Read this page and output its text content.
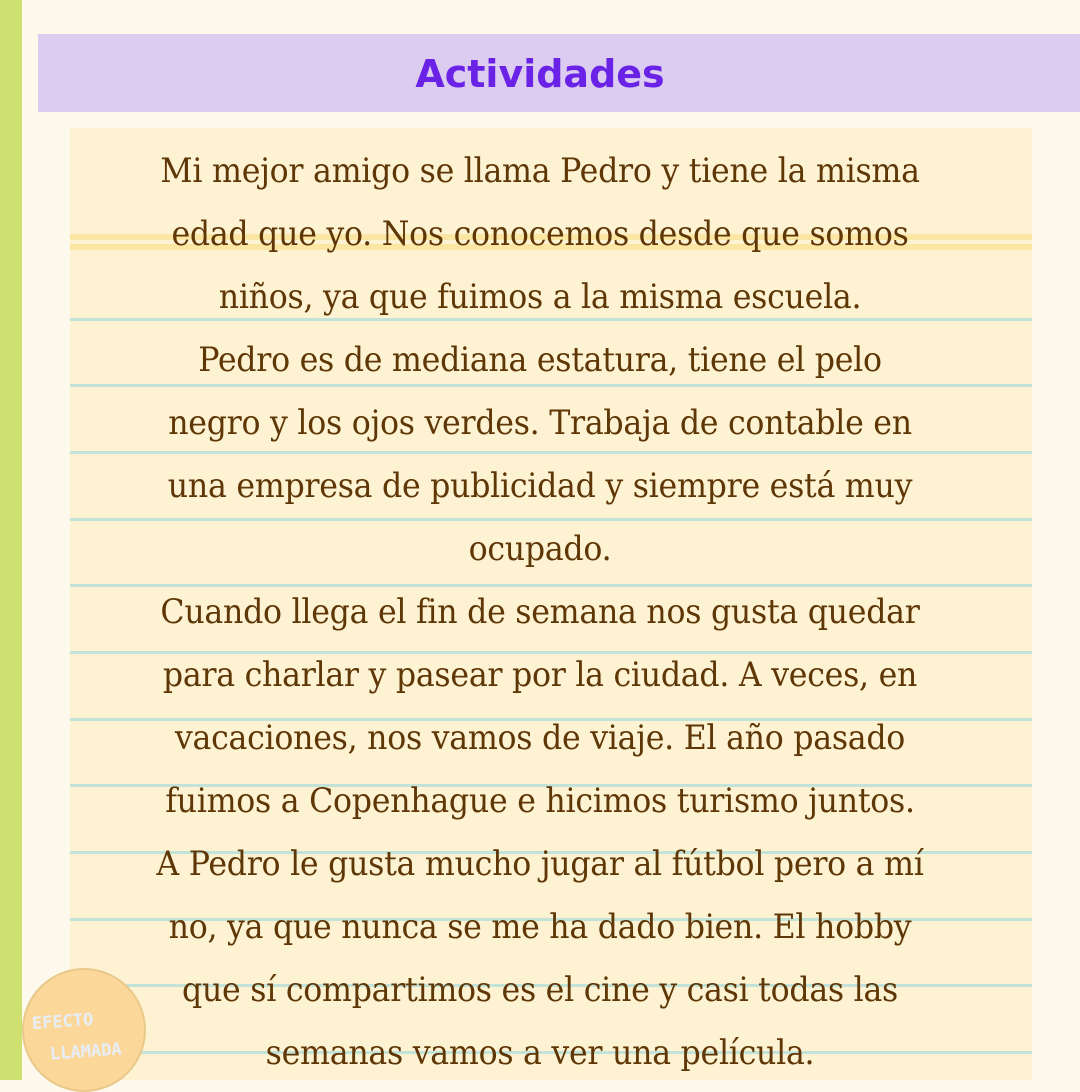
Actividades
Mi mejor amigo se llama Pedro y tiene la misma
edad que yo. Nos conocemos desde que somos
niños, ya que fuimos a la misma escuela.
Pedro es de mediana estatura, tiene el pelo
negro y los ojos verdes. Trabaja de contable en
una empresa de publicidad y siempre está muy
ocupado.
Cuando llega el fin de semana nos gusta quedar
para charlar y pasear por la ciudad. A veces, en
vacaciones, nos vamos de viaje. El año pasado
fuimos a Copenhague e hicimos turismo juntos.
A Pedro le gusta mucho jugar al fútbol pero a mí
no, ya que nunca se me ha dado bien. El hobby
que sí compartimos es el cine y casi todas las
semanas vamos a ver una película.
EFECTO
LLAMADA
